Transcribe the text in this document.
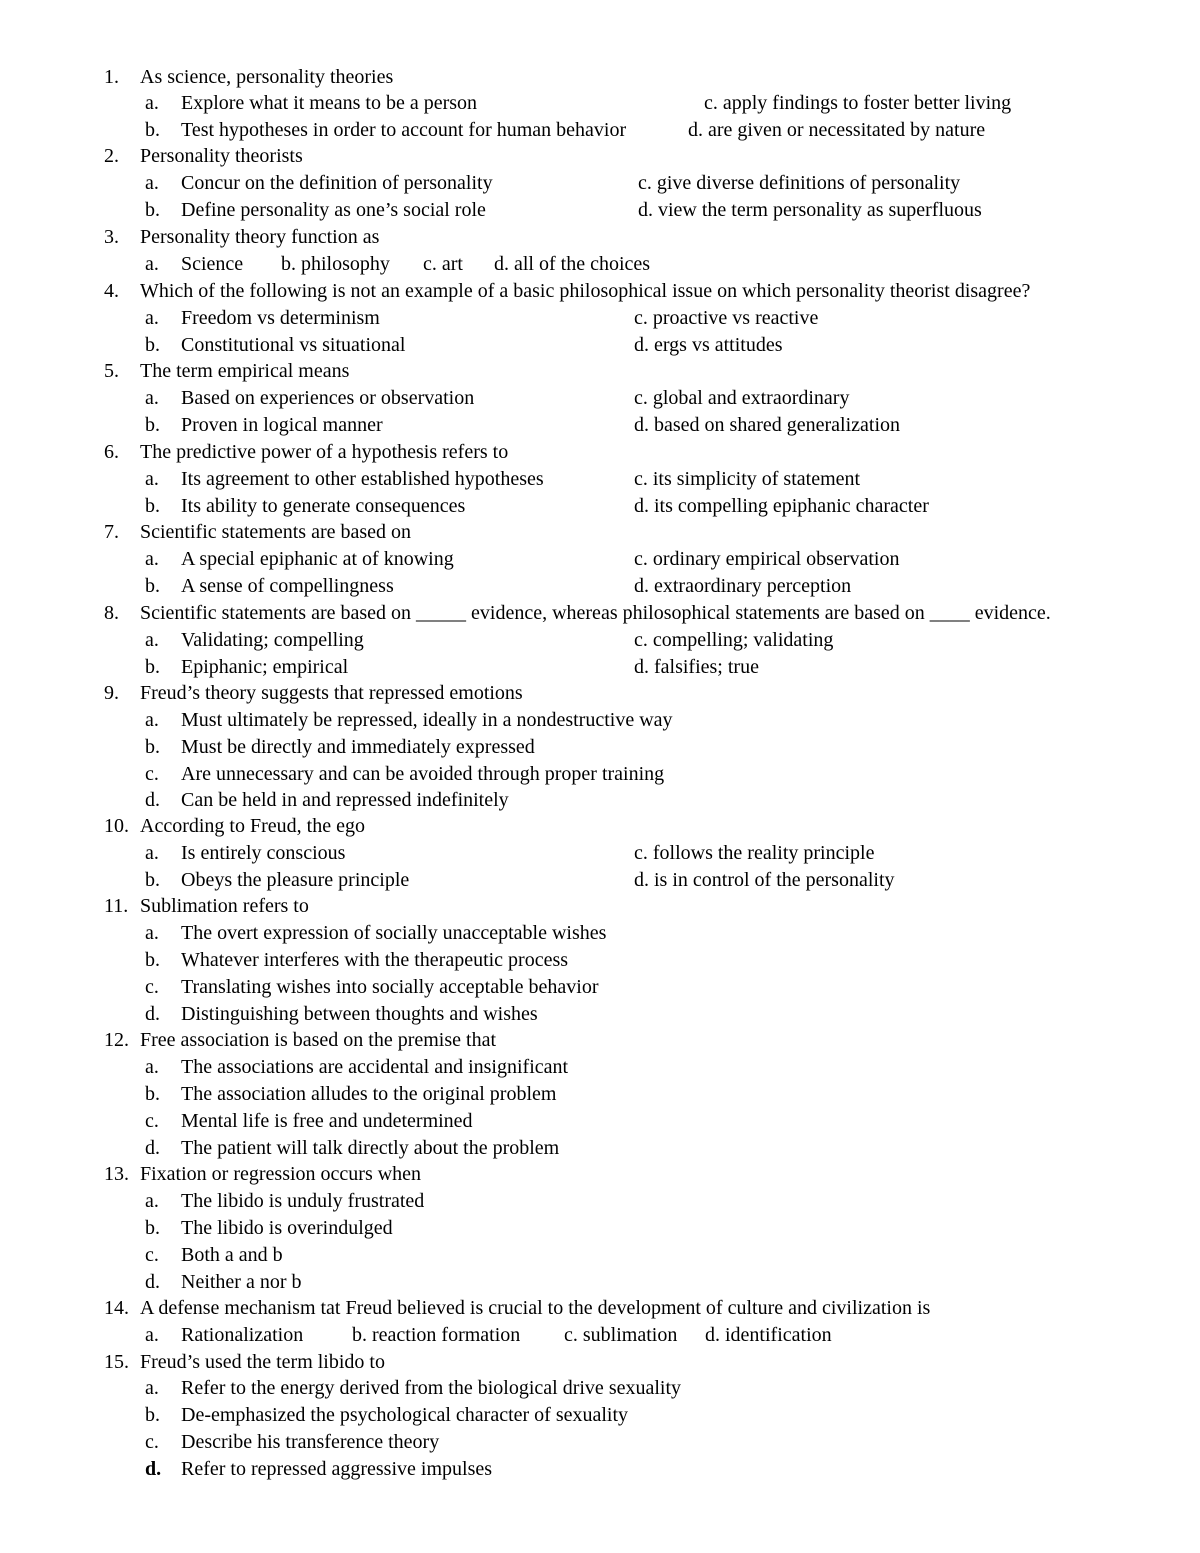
1. As science, personality theories
a. Explore what it means to be a person	c. apply findings to foster better living
b. Test hypotheses in order to account for human behavior	d. are given or necessitated by nature
2. Personality theorists
a. Concur on the definition of personality	c. give diverse definitions of personality
b. Define personality as one’s social role	d. view the term personality as superfluous
3. Personality theory function as
a. Science b. philosophy c. art d. all of the choices
4. Which of the following is not an example of a basic philosophical issue on which personality theorist disagree?
a. Freedom vs determinism	c. proactive vs reactive
b. Constitutional vs situational	d. ergs vs attitudes
5. The term empirical means
a. Based on experiences or observation	c. global and extraordinary
b. Proven in logical manner	d. based on shared generalization
6. The predictive power of a hypothesis refers to
a. Its agreement to other established hypotheses	c. its simplicity of statement
b. Its ability to generate consequences	d. its compelling epiphanic character
7. Scientific statements are based on
a. A special epiphanic at of knowing	c. ordinary empirical observation
b. A sense of compellingness	d. extraordinary perception
8. Scientific statements are based on _____ evidence, whereas philosophical statements are based on ____ evidence.
a. Validating; compelling	c. compelling; validating
b. Epiphanic; empirical	d. falsifies; true
9. Freud’s theory suggests that repressed emotions
a. Must ultimately be repressed, ideally in a nondestructive way
b. Must be directly and immediately expressed
c. Are unnecessary and can be avoided through proper training
d. Can be held in and repressed indefinitely
10. According to Freud, the ego
a. Is entirely conscious	c. follows the reality principle
b. Obeys the pleasure principle	d. is in control of the personality
11. Sublimation refers to
a. The overt expression of socially unacceptable wishes
b. Whatever interferes with the therapeutic process
c. Translating wishes into socially acceptable behavior
d. Distinguishing between thoughts and wishes
12. Free association is based on the premise that
a. The associations are accidental and insignificant
b. The association alludes to the original problem
c. Mental life is free and undetermined
d. The patient will talk directly about the problem
13. Fixation or regression occurs when
a. The libido is unduly frustrated
b. The libido is overindulged
c. Both a and b
d. Neither a nor b
14. A defense mechanism tat Freud believed is crucial to the development of culture and civilization is
a. Rationalization b. reaction formation c. sublimation d. identification
15. Freud’s used the term libido to
a. Refer to the energy derived from the biological drive sexuality
b. De-emphasized the psychological character of sexuality
c. Describe his transference theory
d. Refer to repressed aggressive impulses
